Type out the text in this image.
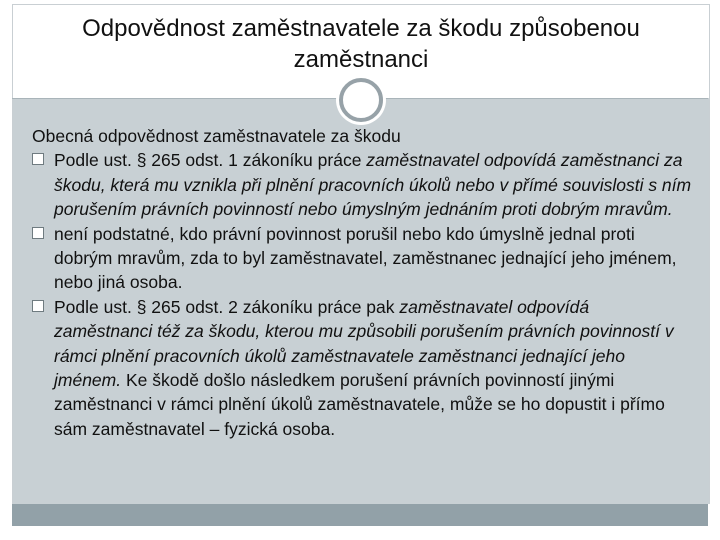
Odpovědnost zaměstnavatele za škodu způsobenou zaměstnanci

Obecná odpovědnost zaměstnavatele za škodu

Podle ust. § 265 odst. 1 zákoníku práce zaměstnavatel odpovídá zaměstnanci za škodu, která mu vznikla při plnění pracovních úkolů nebo v přímé souvislosti s ním porušením právních povinností nebo úmyslným jednáním proti dobrým mravům.

není podstatné, kdo právní povinnost porušil nebo kdo úmyslně jednal proti dobrým mravům, zda to byl zaměstnavatel, zaměstnanec jednající jeho jménem, nebo jiná osoba.

Podle ust. § 265 odst. 2 zákoníku práce pak zaměstnavatel odpovídá zaměstnanci též za škodu, kterou mu způsobili porušením právních povinností v rámci plnění pracovních úkolů zaměstnavatele zaměstnanci jednající jeho jménem. Ke škodě došlo následkem porušení právních povinností jinými zaměstnanci v rámci plnění úkolů zaměstnavatele, může se ho dopustit i přímo sám zaměstnavatel – fyzická osoba.
